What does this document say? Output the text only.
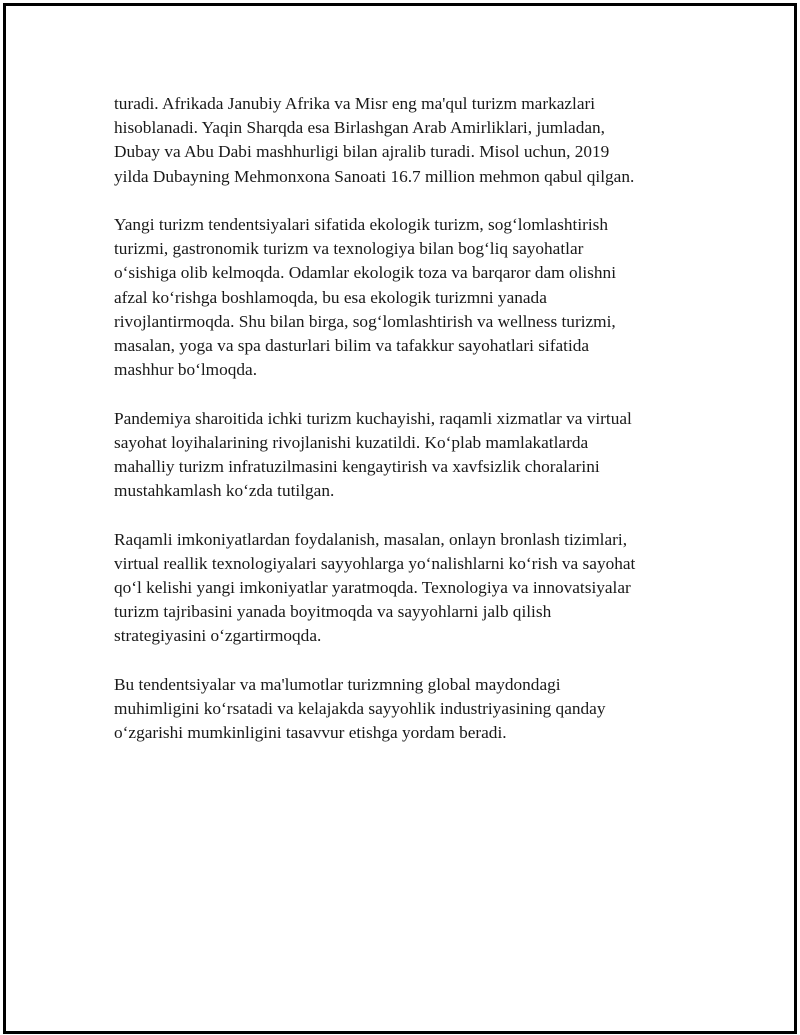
turadi. Afrikada Janubiy Afrika va Misr eng ma'qul turizm markazlari
hisoblanadi. Yaqin Sharqda esa Birlashgan Arab Amirliklari, jumladan,
Dubay va Abu Dabi mashhurligi bilan ajralib turadi. Misol uchun, 2019
yilda Dubayning Mehmonxona Sanoati 16.7 million mehmon qabul qilgan.

Yangi turizm tendentsiyalari sifatida ekologik turizm, sog‘lomlashtirish
turizmi, gastronomik turizm va texnologiya bilan bog‘liq sayohatlar
o‘sishiga olib kelmoqda. Odamlar ekologik toza va barqaror dam olishni
afzal ko‘rishga boshlamoqda, bu esa ekologik turizmni yanada
rivojlantirmoqda. Shu bilan birga, sog‘lomlashtirish va wellness turizmi,
masalan, yoga va spa dasturlari bilim va tafakkur sayohatlari sifatida
mashhur bo‘lmoqda.

Pandemiya sharoitida ichki turizm kuchayishi, raqamli xizmatlar va virtual
sayohat loyihalarining rivojlanishi kuzatildi. Ko‘plab mamlakatlarda
mahalliy turizm infratuzilmasini kengaytirish va xavfsizlik choralarini
mustahkamlash ko‘zda tutilgan.

Raqamli imkoniyatlardan foydalanish, masalan, onlayn bronlash tizimlari,
virtual reallik texnologiyalari sayyohlarga yo‘nalishlarni ko‘rish va sayohat
qo‘l kelishi yangi imkoniyatlar yaratmoqda. Texnologiya va innovatsiyalar
turizm tajribasini yanada boyitmoqda va sayyohlarni jalb qilish
strategiyasini o‘zgartirmoqda.

Bu tendentsiyalar va ma'lumotlar turizmning global maydondagi
muhimligini ko‘rsatadi va kelajakda sayyohlik industriyasining qanday
o‘zgarishi mumkinligini tasavvur etishga yordam beradi.
